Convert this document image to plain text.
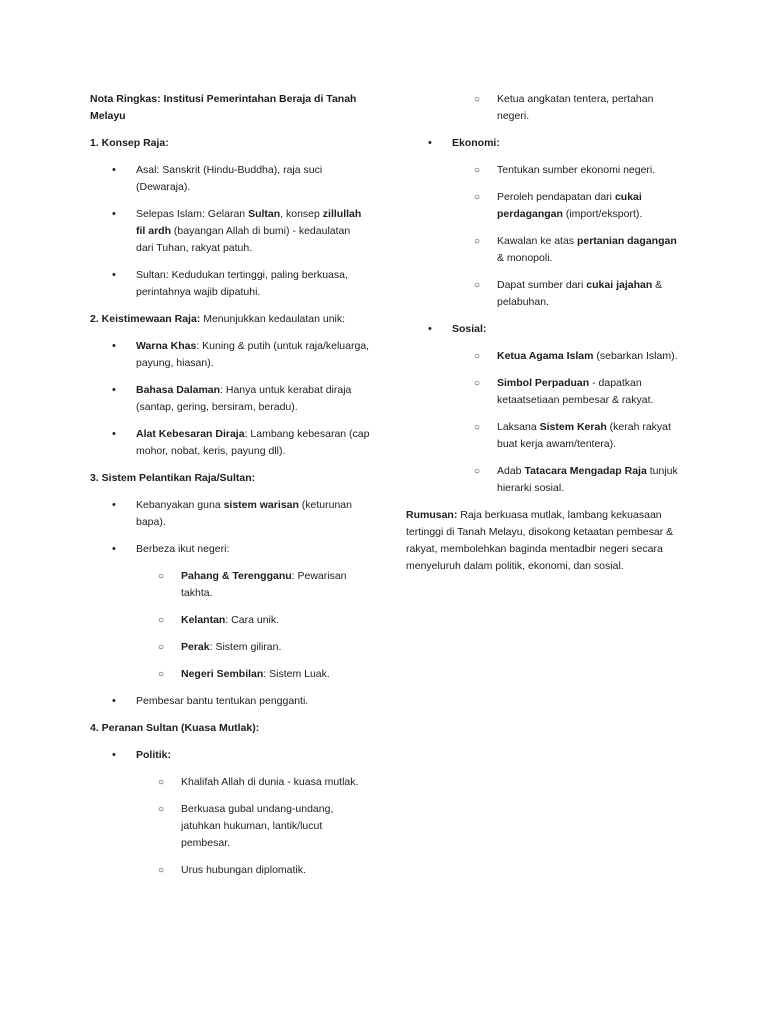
Nota Ringkas: Institusi Pemerintahan Beraja di Tanah Melayu

1. Konsep Raja:

• Asal: Sanskrit (Hindu-Buddha), raja suci (Dewaraja).
• Selepas Islam: Gelaran Sultan, konsep zillullah fil ardh (bayangan Allah di bumi) - kedaulatan dari Tuhan, rakyat patuh.
• Sultan: Kedudukan tertinggi, paling berkuasa, perintahnya wajib dipatuhi.

2. Keistimewaan Raja: Menunjukkan kedaulatan unik:

• Warna Khas: Kuning & putih (untuk raja/keluarga, payung, hiasan).
• Bahasa Dalaman: Hanya untuk kerabat diraja (santap, gering, bersiram, beradu).
• Alat Kebesaran Diraja: Lambang kebesaran (cap mohor, nobat, keris, payung dll).

3. Sistem Pelantikan Raja/Sultan:

• Kebanyakan guna sistem warisan (keturunan bapa).
• Berbeza ikut negeri:
○ Pahang & Terengganu: Pewarisan takhta.
○ Kelantan: Cara unik.
○ Perak: Sistem giliran.
○ Negeri Sembilan: Sistem Luak.
• Pembesar bantu tentukan pengganti.

4. Peranan Sultan (Kuasa Mutlak):

• Politik:
○ Khalifah Allah di dunia - kuasa mutlak.
○ Berkuasa gubal undang-undang, jatuhkan hukuman, lantik/lucut pembesar.
○ Urus hubungan diplomatik.
○ Ketua angkatan tentera, pertahan negeri.
• Ekonomi:
○ Tentukan sumber ekonomi negeri.
○ Peroleh pendapatan dari cukai perdagangan (import/eksport).
○ Kawalan ke atas pertanian dagangan & monopoli.
○ Dapat sumber dari cukai jajahan & pelabuhan.
• Sosial:
○ Ketua Agama Islam (sebarkan Islam).
○ Simbol Perpaduan - dapatkan ketaatsetiaan pembesar & rakyat.
○ Laksana Sistem Kerah (kerah rakyat buat kerja awam/tentera).
○ Adab Tatacara Mengadap Raja tunjuk hierarki sosial.

Rumusan: Raja berkuasa mutlak, lambang kekuasaan tertinggi di Tanah Melayu, disokong ketaatan pembesar & rakyat, membolehkan baginda mentadbir negeri secara menyeluruh dalam politik, ekonomi, dan sosial.
